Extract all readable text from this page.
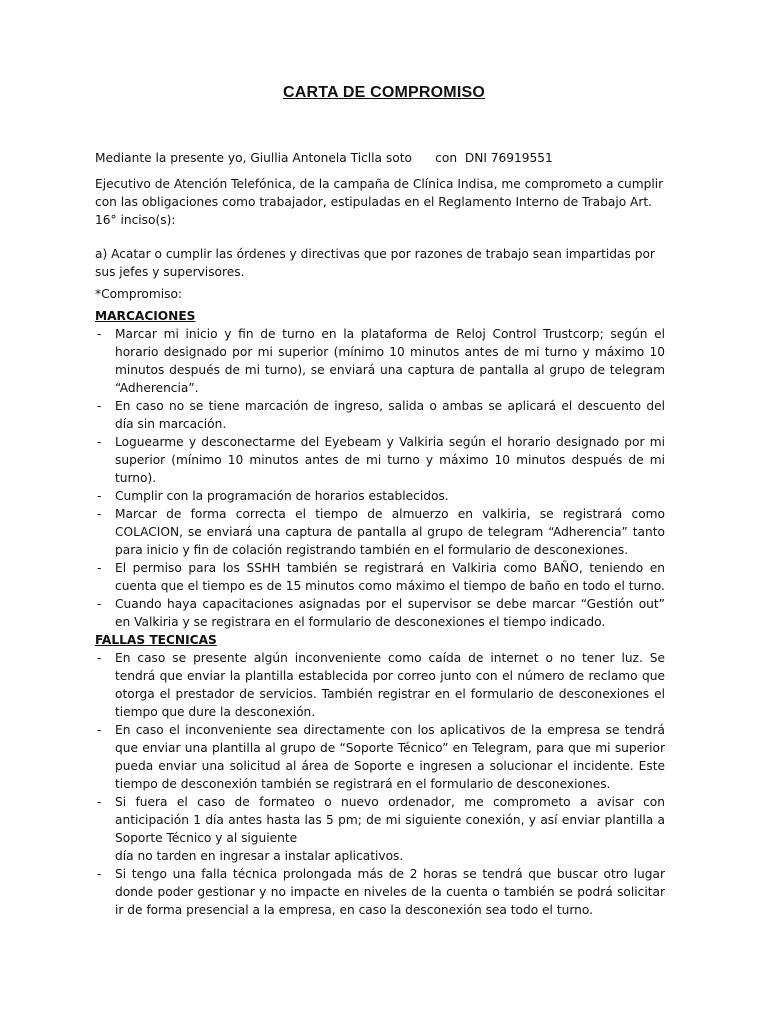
CARTA DE COMPROMISO

Mediante la presente yo, Giullia Antonela Ticlla soto      con  DNI 76919551

Ejecutivo de Atención Telefónica, de la campaña de Clínica Indisa, me comprometo a cumplir con las obligaciones como trabajador, estipuladas en el Reglamento Interno de Trabajo Art. 16° inciso(s):

a) Acatar o cumplir las órdenes y directivas que por razones de trabajo sean impartidas por sus jefes y supervisores.

*Compromiso:

MARCACIONES

- Marcar mi inicio y fin de turno en la plataforma de Reloj Control Trustcorp; según el horario designado por mi superior (mínimo 10 minutos antes de mi turno y máximo 10 minutos después de mi turno), se enviará una captura de pantalla al grupo de telegram “Adherencia”.
- En caso no se tiene marcación de ingreso, salida o ambas se aplicará el descuento del día sin marcación.
- Loguearme y desconectarme del Eyebeam y Valkiria según el horario designado por mi superior (mínimo 10 minutos antes de mi turno y máximo 10 minutos después de mi turno).
- Cumplir con la programación de horarios establecidos.
- Marcar de forma correcta el tiempo de almuerzo en valkiria, se registrará como COLACION, se enviará una captura de pantalla al grupo de telegram “Adherencia” tanto para inicio y fin de colación registrando también en el formulario de desconexiones.
- El permiso para los SSHH también se registrará en Valkiria como BAÑO, teniendo en cuenta que el tiempo es de 15 minutos como máximo el tiempo de baño en todo el turno.
- Cuando haya capacitaciones asignadas por el supervisor se debe marcar “Gestión out” en Valkiria y se registrara en el formulario de desconexiones el tiempo indicado.

FALLAS TECNICAS

- En caso se presente algún inconveniente como caída de internet o no tener luz. Se tendrá que enviar la plantilla establecida por correo junto con el número de reclamo que otorga el prestador de servicios. También registrar en el formulario de desconexiones el tiempo que dure la desconexión.
- En caso el inconveniente sea directamente con los aplicativos de la empresa se tendrá que enviar una plantilla al grupo de “Soporte Técnico” en Telegram, para que mi superior pueda enviar una solicitud al área de Soporte e ingresen a solucionar el incidente. Este tiempo de desconexión también se registrará en el formulario de desconexiones.
- Si fuera el caso de formateo o nuevo ordenador, me comprometo a avisar con anticipación 1 día antes hasta las 5 pm; de mi siguiente conexión, y así enviar plantilla a Soporte Técnico y al siguiente
día no tarden en ingresar a instalar aplicativos.
- Si tengo una falla técnica prolongada más de 2 horas se tendrá que buscar otro lugar donde poder gestionar y no impacte en niveles de la cuenta o también se podrá solicitar ir de forma presencial a la empresa, en caso la desconexión sea todo el turno.
